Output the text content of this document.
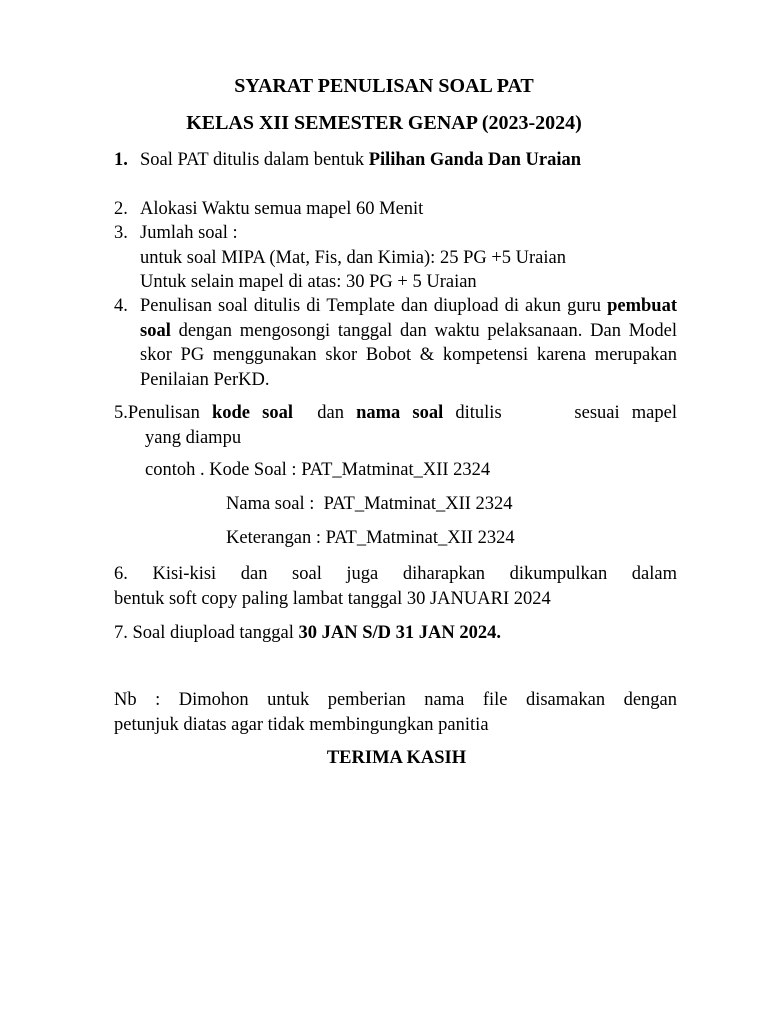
SYARAT PENULISAN SOAL PAT
KELAS XII SEMESTER GENAP (2023-2024)
1. Soal PAT ditulis dalam bentuk Pilihan Ganda Dan Uraian
2. Alokasi Waktu semua mapel 60 Menit
3. Jumlah soal :
untuk soal MIPA (Mat, Fis, dan Kimia): 25 PG +5 Uraian
Untuk selain mapel di atas: 30 PG + 5 Uraian
4. Penulisan soal ditulis di Template dan diupload di akun guru pembuat soal dengan mengosongi tanggal dan waktu pelaksanaan. Dan Model skor PG menggunakan skor Bobot & kompetensi karena merupakan Penilaian PerKD.
5.Penulisan kode soal  dan nama soal ditulis      sesuai mapel
yang diampu
contoh . Kode Soal : PAT_Matminat_XII 2324
Nama soal :  PAT_Matminat_XII 2324
Keterangan : PAT_Matminat_XII 2324
6. Kisi-kisi dan soal juga diharapkan dikumpulkan dalam
bentuk soft copy paling lambat tanggal 30 JANUARI 2024
7. Soal diupload tanggal 30 JAN S/D 31 JAN 2024.
Nb : Dimohon untuk pemberian nama file disamakan dengan
petunjuk diatas agar tidak membingungkan panitia
TERIMA KASIH
